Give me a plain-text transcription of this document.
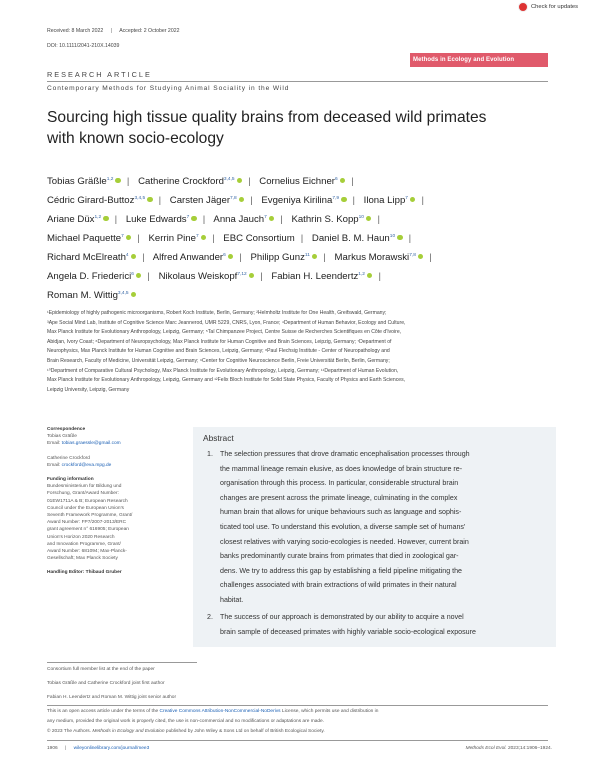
Check for updates
Received: 8 March 2022 | Accepted: 2 October 2022
DOI: 10.1111/2041-210X.14039
Methods in Ecology and Evolution
RESEARCH ARTICLE
Contemporary Methods for Studying Animal Sociality in the Wild
Sourcing high tissue quality brains from deceased wild primates
with known socio-ecology
Tobias Gräßle$^{1,2}$ | Catherine Crockford$^{3,4,5}$ | Cornelius Eichner$^6$ |
Cédric Girard-Buttoz$^{3,4,5}$ | Carsten Jäger$^{7,8}$ | Evgeniya Kirilina$^{7,9}$ | Ilona Lipp$^7$ |
Ariane Düx$^{1,2}$ | Luke Edwards$^7$ | Anna Jauch$^7$ | Kathrin S. Kopp$^{10}$ |
Michael Paquette$^7$ | Kerrin Pine$^7$ | EBC Consortium | Daniel B. M. Haun$^{10}$ |
Richard McElreath$^4$ | Alfred Anwander$^6$ | Philipp Gunz$^{11}$ | Markus Morawski$^{7,8}$ |
Angela D. Friederici$^6$ | Nikolaus Weiskopf$^{7,12}$ | Fabian H. Leendertz$^{1,2}$ |
Roman M. Wittig$^{3,4,5}$
¹Epidemiology of highly pathogenic microorganisms, Robert Koch Institute, Berlin, Germany; ²Helmholtz Institute for One Health, Greifswald, Germany;
³Ape Social Mind Lab, Institute of Cognitive Science Marc Jeannerod, UMR 5229, CNRS, Lyon, France; ⁴Department of Human Behavior, Ecology and Culture,
Max Planck Institute for Evolutionary Anthropology, Leipzig, Germany; ⁵Taï Chimpanzee Project, Centre Suisse de Recherches Scientifiques en Côte d'Ivoire,
Abidjan, Ivory Coast; ⁶Department of Neuropsychology, Max Planck Institute for Human Cognitive and Brain Sciences, Leipzig, Germany; ⁷Department of
Neurophysics, Max Planck Institute for Human Cognitive and Brain Sciences, Leipzig, Germany; ⁸Paul Flechsig Institute - Center of Neuropathology and
Brain Research, Faculty of Medicine, Universität Leipzig, Germany; ⁹Center for Cognitive Neuroscience Berlin, Freie Universität Berlin, Berlin, Germany;
¹⁰Department of Comparative Cultural Psychology, Max Planck Institute for Evolutionary Anthropology, Leipzig, Germany; ¹¹Department of Human Evolution,
Max Planck Institute for Evolutionary Anthropology, Leipzig, Germany and ¹²Felix Bloch Institute for Solid State Physics, Faculty of Physics and Earth Sciences,
Leipzig University, Leipzig, Germany
Correspondence
Tobias Gräßle
Email: tobias.graessle@gmail.com
Catherine Crockford
Email: crockford@eva.mpg.de
Funding information
Bundesministerium für Bildung und
Forschung, Grant/Award Number:
01EW1711A & B; European Research
Council under the European Union's
Seventh Framework Programme, Grant/
Award Number: FP7/2007-2013/ERC
grant agreement n° 616905; European
Union's Horizon 2020 Research
and Innovation Programme, Grant/
Award Number: 681094; Max-Planck-
Gesellschaft; Max Planck Society
Handling Editor: Thibaud Gruber
Abstract
1. The selection pressures that drove dramatic encephalisation processes through
the mammal lineage remain elusive, as does knowledge of brain structure re-
organisation through this process. In particular, considerable structural brain
changes are present across the primate lineage, culminating in the complex
human brain that allows for unique behaviours such as language and sophis-
ticated tool use. To understand this evolution, a diverse sample set of humans'
closest relatives with varying socio-ecologies is needed. However, current brain
banks predominantly curate brains from primates that died in zoological gar-
dens. We try to address this gap by establishing a field pipeline mitigating the
challenges associated with brain extractions of wild primates in their natural
habitat.
2. The success of our approach is demonstrated by our ability to acquire a novel
brain sample of deceased primates with highly variable socio-ecological exposure
Consortium full member list at the end of the paper
Tobias Gräßle and Catherine Crockford joint first author
Fabian H. Leendertz and Roman M. Wittig joint senior author
This is an open access article under the terms of the Creative Commons Attribution-NonCommercial-NoDerivs License, which permits use and distribution in
any medium, provided the original work is properly cited, the use is non-commercial and no modifications or adaptations are made.
© 2023 The Authors. Methods in Ecology and Evolution published by John Wiley & Sons Ltd on behalf of British Ecological Society.
1906 | wileyonlinelibrary.com/journal/mee3	Methods Ecol Evol. 2023;14:1906–1924.
